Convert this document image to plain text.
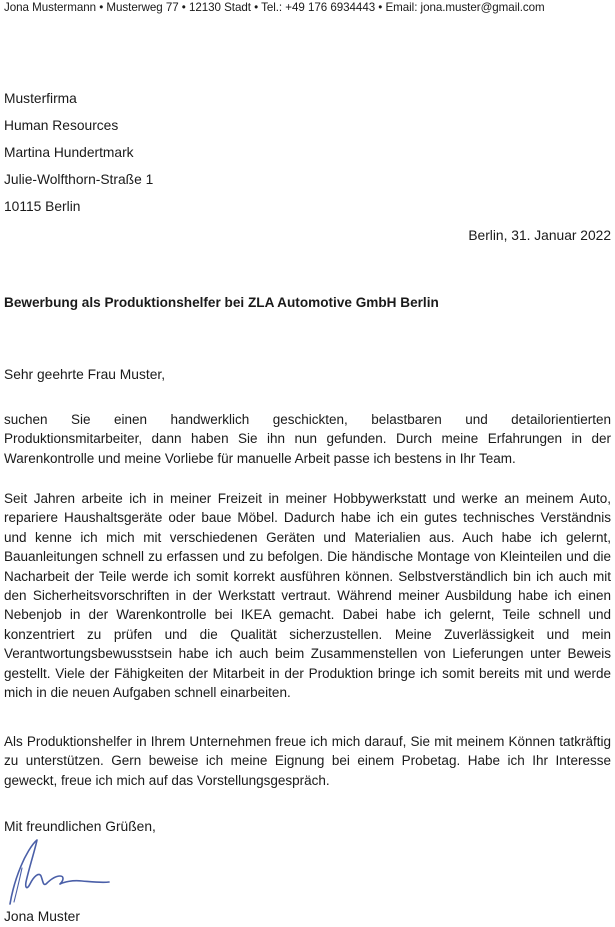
Jona Mustermann • Musterweg 77 • 12130 Stadt • Tel.: +49 176 6934443 • Email: jona.muster@gmail.com
Musterfirma
Human Resources
Martina Hundertmark
Julie-Wolfthorn-Straße 1
10115 Berlin
Berlin, 31. Januar 2022
Bewerbung als Produktionshelfer bei ZLA Automotive GmbH Berlin
Sehr geehrte Frau Muster,

suchen Sie einen handwerklich geschickten, belastbaren und detailorientierten Produktionsmitarbeiter, dann haben Sie ihn nun gefunden. Durch meine Erfahrungen in der Warenkontrolle und meine Vorliebe für manuelle Arbeit passe ich bestens in Ihr Team.

Seit Jahren arbeite ich in meiner Freizeit in meiner Hobbywerkstatt und werke an meinem Auto, repariere Haushaltsgeräte oder baue Möbel. Dadurch habe ich ein gutes technisches Verständnis und kenne ich mich mit verschiedenen Geräten und Materialien aus. Auch habe ich gelernt, Bauanleitungen schnell zu erfassen und zu befolgen. Die händische Montage von Kleinteilen und die Nacharbeit der Teile werde ich somit korrekt ausführen können. Selbstverständlich bin ich auch mit den Sicherheitsvorschriften in der Werkstatt vertraut. Während meiner Ausbildung habe ich einen Nebenjob in der Warenkontrolle bei IKEA gemacht. Dabei habe ich gelernt, Teile schnell und konzentriert zu prüfen und die Qualität sicherzustellen. Meine Zuverlässigkeit und mein Verantwortungsbewusstsein habe ich auch beim Zusammenstellen von Lieferungen unter Beweis gestellt. Viele der Fähigkeiten der Mitarbeit in der Produktion bringe ich somit bereits mit und werde mich in die neuen Aufgaben schnell einarbeiten.

Als Produktionshelfer in Ihrem Unternehmen freue ich mich darauf, Sie mit meinem Können tatkräftig zu unterstützen. Gern beweise ich meine Eignung bei einem Probetag. Habe ich Ihr Interesse geweckt, freue ich mich auf das Vorstellungsgespräch.

Mit freundlichen Grüßen,
Jona Muster
